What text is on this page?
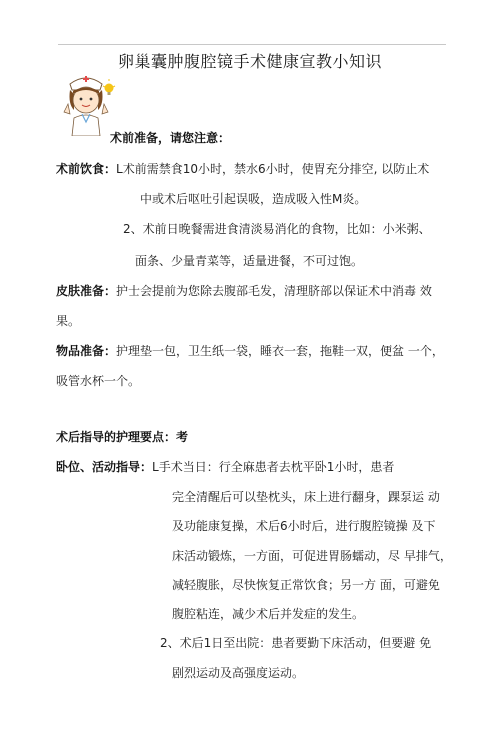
卵巢囊肿腹腔镜手术健康宣教小知识
术前准备，请您注意：
术前饮食：L术前需禁食10小时，禁水6小时，使胃充分排空, 以防止术
中或术后呕吐引起误吸，造成吸入性M炎。
2、术前日晚餐需进食清淡易消化的食物，比如：小米粥、
面条、少量青菜等，适量进餐，不可过饱。
皮肤准备：护士会提前为您除去腹部毛发，清理脐部以保证术中消毒 效
果。
物品准备：护理垫一包，卫生纸一袋，睡衣一套，拖鞋一双，便盆 一个，
吸管水杯一个。
术后指导的护理要点：考
卧位、活动指导：L手术当日：行全麻患者去枕平卧1小时，患者
完全清醒后可以垫枕头，床上进行翻身，踝泵运 动
及功能康复操，术后6小时后，进行腹腔镜操 及下
床活动锻炼，一方面，可促进胃肠蠕动，尽 早排气，
减轻腹胀，尽快恢复正常饮食；另一方 面，可避免
腹腔粘连，减少术后并发症的发生。
2、术后1日至出院：患者要勤下床活动，但要避 免
剧烈运动及高强度运动。
